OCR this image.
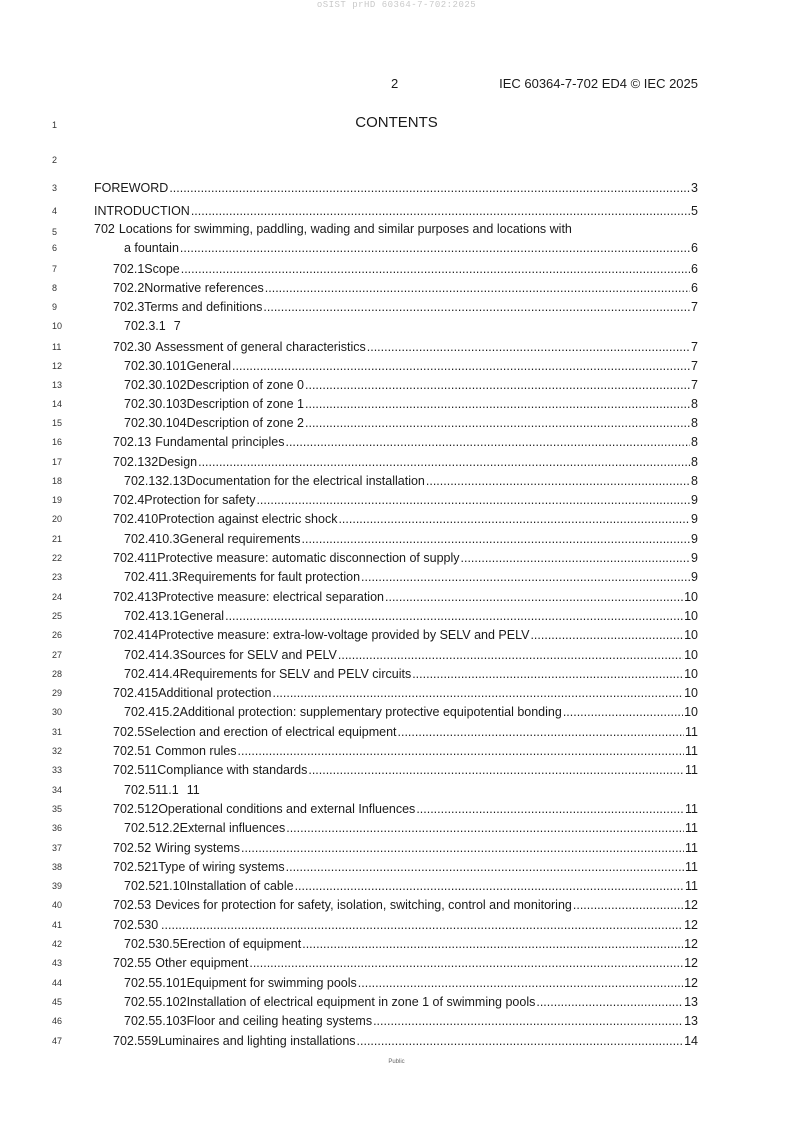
oSIST prHD 60364-7-702:2025
2	IEC 60364-7-702 ED4 © IEC 2025
CONTENTS
1
2
3
4
5
6
7
8
9
10
11
12
13
14
15
16
17
18
19
20
21
22
23
24
25
26
27
28
29
30
31
32
33
34
35
36
37
38
39
40
41
42
43
44
45
46
47
FOREWORD .....	3
INTRODUCTION .....	5
702 Locations for swimming, paddling, wading and similar purposes and locations with
a fountain .....	6
702.1 Scope .....	6
702.2 Normative references .....	6
702.3 Terms and definitions .....	7
702.3.1 7
702.30 Assessment of general characteristics .....	7
702.30.101 General .....	7
702.30.102 Description of zone 0 .....	7
702.30.103 Description of zone 1 .....	8
702.30.104 Description of zone 2 .....	8
702.13 Fundamental principles .....	8
702.132 Design .....	8
702.132.13 Documentation for the electrical installation .....	8
702.4 Protection for safety .....	9
702.410 Protection against electric shock .....	9
702.410.3 General requirements .....	9
702.411 Protective measure: automatic disconnection of supply .....	9
702.411.3 Requirements for fault protection .....	9
702.413 Protective measure: electrical separation .....	10
702.413.1 General .....	10
702.414 Protective measure: extra-low-voltage provided by SELV and PELV .....	10
702.414.3 Sources for SELV and PELV .....	10
702.414.4 Requirements for SELV and PELV circuits .....	10
702.415 Additional protection .....	10
702.415.2 Additional protection: supplementary protective equipotential bonding .....	10
702.5 Selection and erection of electrical equipment .....	11
702.51 Common rules .....	11
702.511 Compliance with standards .....	11
702.511.1 11
702.512 Operational conditions and external Influences .....	11
702.512.2 External influences .....	11
702.52 Wiring systems .....	11
702.521 Type of wiring systems .....	11
702.521.10 Installation of cable .....	11
702.53 Devices for protection for safety, isolation, switching, control and monitoring .....	12
702.530 .....	12
702.530.5 Erection of equipment .....	12
702.55 Other equipment .....	12
702.55.101 Equipment for swimming pools .....	12
702.55.102 Installation of electrical equipment in zone 1 of swimming pools .....	13
702.55.103 Floor and ceiling heating systems .....	13
702.559 Luminaires and lighting installations .....	14
Public
